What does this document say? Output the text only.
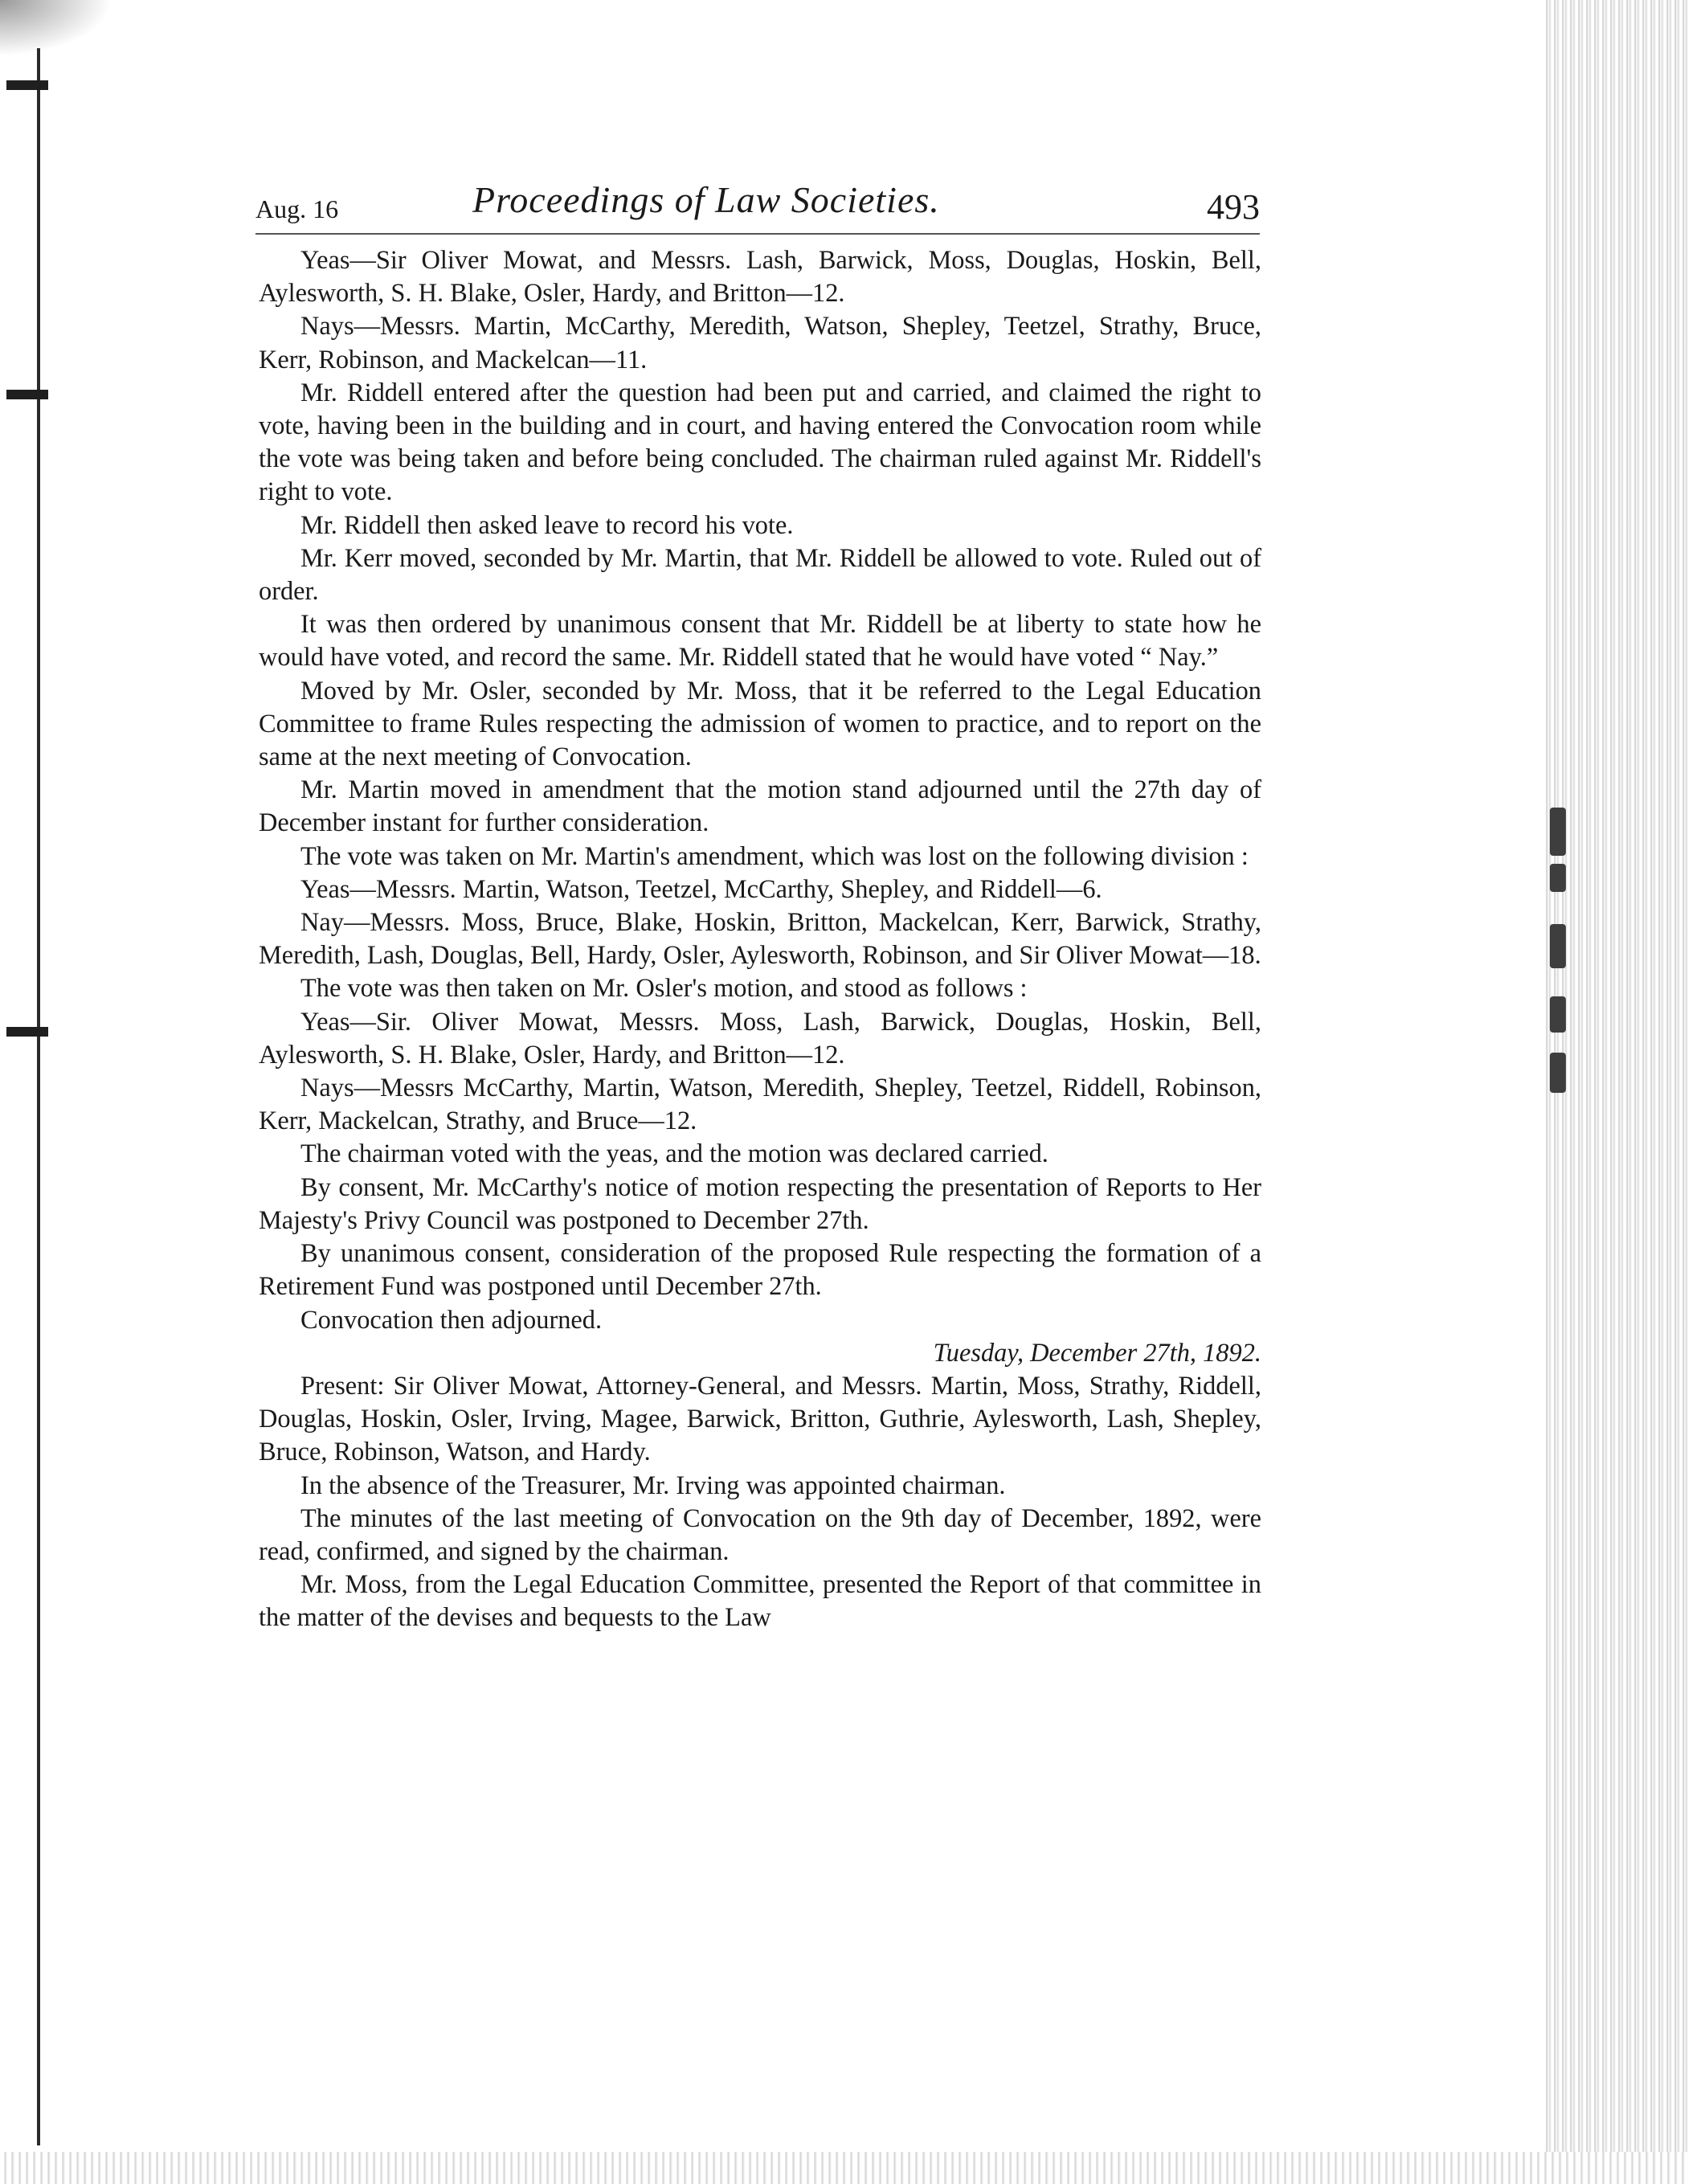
Aug. 16	Proceedings of Law Societies.	493

Yeas—Sir Oliver Mowat, and Messrs. Lash, Barwick, Moss, Douglas, Hoskin, Bell, Aylesworth, S. H. Blake, Osler, Hardy, and Britton—12.

Nays—Messrs. Martin, McCarthy, Meredith, Watson, Shepley, Teetzel, Strathy, Bruce, Kerr, Robinson, and Mackelcan—11.

Mr. Riddell entered after the question had been put and carried, and claimed the right to vote, having been in the building and in court, and having entered the Convocation room while the vote was being taken and before being concluded. The chairman ruled against Mr. Riddell's right to vote.

Mr. Riddell then asked leave to record his vote.

Mr. Kerr moved, seconded by Mr. Martin, that Mr. Riddell be allowed to vote. Ruled out of order.

It was then ordered by unanimous consent that Mr. Riddell be at liberty to state how he would have voted, and record the same. Mr. Riddell stated that he would have voted “ Nay.”

Moved by Mr. Osler, seconded by Mr. Moss, that it be referred to the Legal Education Committee to frame Rules respecting the admission of women to practice, and to report on the same at the next meeting of Convocation.

Mr. Martin moved in amendment that the motion stand adjourned until the 27th day of December instant for further consideration.

The vote was taken on Mr. Martin's amendment, which was lost on the following division :

Yeas—Messrs. Martin, Watson, Teetzel, McCarthy, Shepley, and Riddell—6.

Nay—Messrs. Moss, Bruce, Blake, Hoskin, Britton, Mackelcan, Kerr, Barwick, Strathy, Meredith, Lash, Douglas, Bell, Hardy, Osler, Aylesworth, Robinson, and Sir Oliver Mowat—18.

The vote was then taken on Mr. Osler's motion, and stood as follows :

Yeas—Sir. Oliver Mowat, Messrs. Moss, Lash, Barwick, Douglas, Hoskin, Bell, Aylesworth, S. H. Blake, Osler, Hardy, and Britton—12.

Nays—Messrs McCarthy, Martin, Watson, Meredith, Shepley, Teetzel, Riddell, Robinson, Kerr, Mackelcan, Strathy, and Bruce—12.

The chairman voted with the yeas, and the motion was declared carried.

By consent, Mr. McCarthy's notice of motion respecting the presentation of Reports to Her Majesty's Privy Council was postponed to December 27th.

By unanimous consent, consideration of the proposed Rule respecting the formation of a Retirement Fund was postponed until December 27th.

Convocation then adjourned.

Tuesday, December 27th, 1892.

Present: Sir Oliver Mowat, Attorney-General, and Messrs. Martin, Moss, Strathy, Riddell, Douglas, Hoskin, Osler, Irving, Magee, Barwick, Britton, Guthrie, Aylesworth, Lash, Shepley, Bruce, Robinson, Watson, and Hardy.

In the absence of the Treasurer, Mr. Irving was appointed chairman.

The minutes of the last meeting of Convocation on the 9th day of December, 1892, were read, confirmed, and signed by the chairman.

Mr. Moss, from the Legal Education Committee, presented the Report of that committee in the matter of the devises and bequests to the Law
